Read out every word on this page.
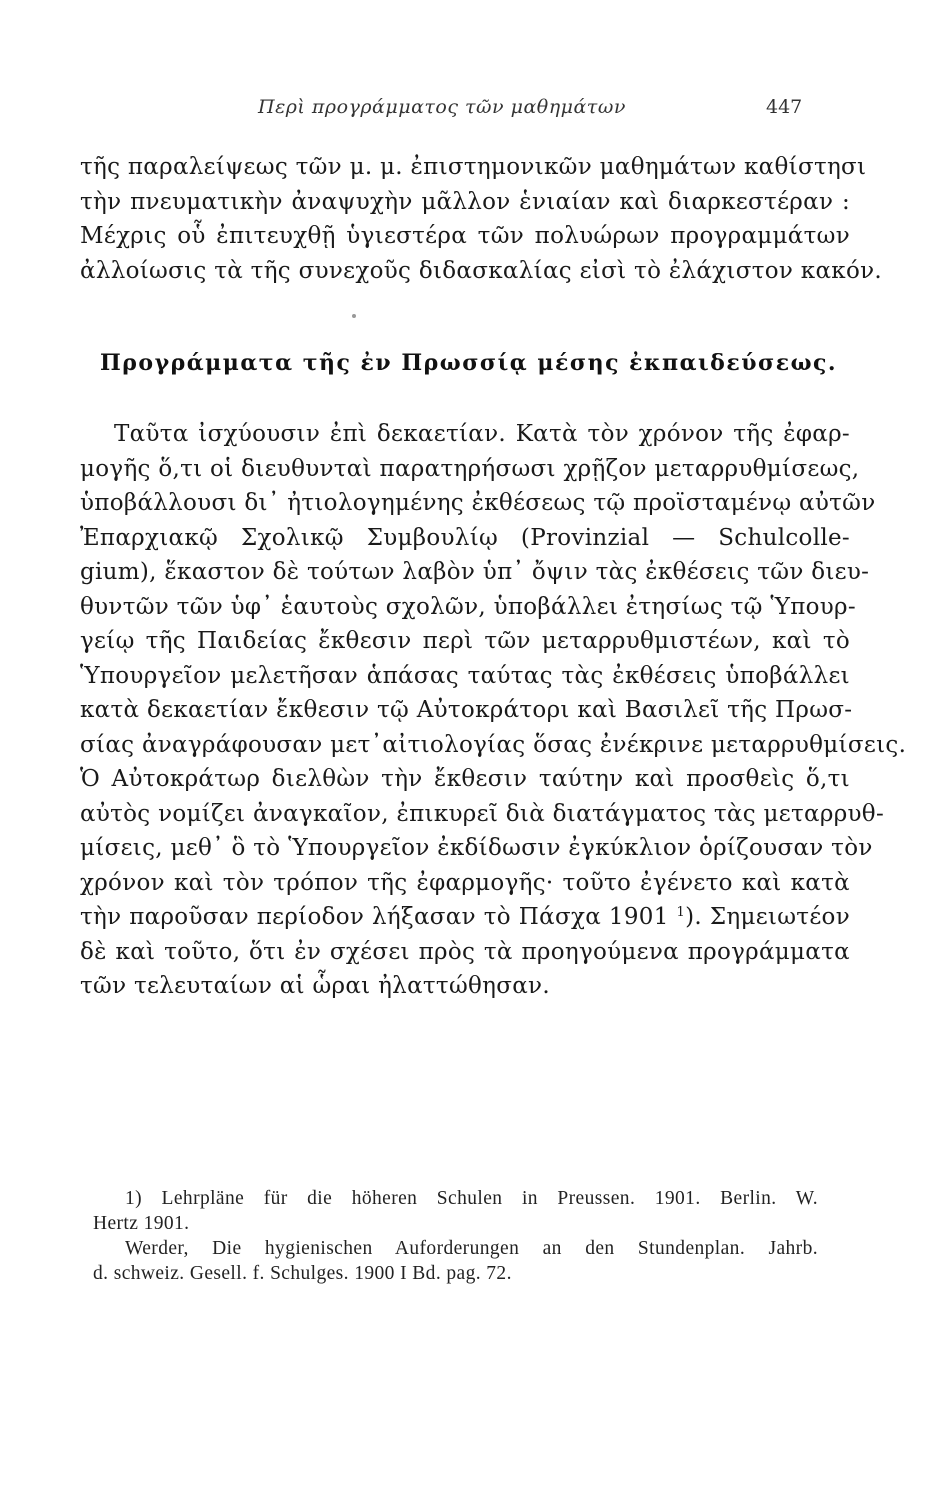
Περὶ προγράμματος τῶν μαθημάτων	447
τῆς παραλείψεως τῶν μ. μ. ἐπιστημονικῶν μαθημάτων καθίστησι
τὴν πνευματικὴν ἀναψυχὴν μᾶλλον ἑνιαίαν καὶ διαρκεστέραν :
Μέχρις οὗ ἐπιτευχθῇ ὑγιεστέρα τῶν πολυώρων προγραμμάτων
ἀλλοίωσις τὰ τῆς συνεχοῦς διδασκαλίας εἰσὶ τὸ ἐλάχιστον κακόν.
Προγράμματα τῆς ἐν Πρωσσίᾳ μέσης ἐκπαιδεύσεως.
Ταῦτα ἰσχύουσιν ἐπὶ δεκαετίαν. Κατὰ τὸν χρόνον τῆς ἐφαρ-
μογῆς ὅ,τι οἱ διευθυνταὶ παρατηρήσωσι χρῇζον μεταρρυθμίσεως,
ὑποβάλλουσι δι᾽ ἠτιολογημένης ἐκθέσεως τῷ προϊσταμένῳ αὐτῶν
Ἐπαρχιακῷ Σχολικῷ Συμβουλίῳ (Provinzial — Schulcolle-
gium), ἕκαστον δὲ τούτων λαβὸν ὑπ᾽ ὄψιν τὰς ἐκθέσεις τῶν διευ-
θυντῶν τῶν ὑφ᾽ ἑαυτοὺς σχολῶν, ὑποβάλλει ἐτησίως τῷ Ὑπουρ-
γείῳ τῆς Παιδείας ἔκθεσιν περὶ τῶν μεταρρυθμιστέων, καὶ τὸ
Ὑπουργεῖον μελετῆσαν ἁπάσας ταύτας τὰς ἐκθέσεις ὑποβάλλει
κατὰ δεκαετίαν ἔκθεσιν τῷ Αὐτοκράτορι καὶ Βασιλεῖ τῆς Πρωσ-
σίας ἀναγράφουσαν μετ᾽αἰτιολογίας ὅσας ἐνέκρινε μεταρρυθμίσεις.
Ὁ Αὐτοκράτωρ διελθὼν τὴν ἔκθεσιν ταύτην καὶ προσθεὶς ὅ,τι
αὐτὸς νομίζει ἀναγκαῖον, ἐπικυρεῖ διὰ διατάγματος τὰς μεταρρυθ-
μίσεις, μεθ᾽ ὃ τὸ Ὑπουργεῖον ἐκδίδωσιν ἐγκύκλιον ὁρίζουσαν τὸν
χρόνον καὶ τὸν τρόπον τῆς ἐφαρμογῆς· τοῦτο ἐγένετο καὶ κατὰ
τὴν παροῦσαν περίοδον λήξασαν τὸ Πάσχα 1901 $^1$). Σημειωτέον
δὲ καὶ τοῦτο, ὅτι ἐν σχέσει πρὸς τὰ προηγούμενα προγράμματα
τῶν τελευταίων αἱ ὧραι ἠλαττώθησαν.
1) Lehrpläne für die höheren Schulen in Preussen. 1901. Berlin. W.
Hertz 1901.
Werder, Die hygienischen Auforderungen an den Stundenplan. Jahrb.
d. schweiz. Gesell. f. Schulges. 1900 I Bd. pag. 72.
